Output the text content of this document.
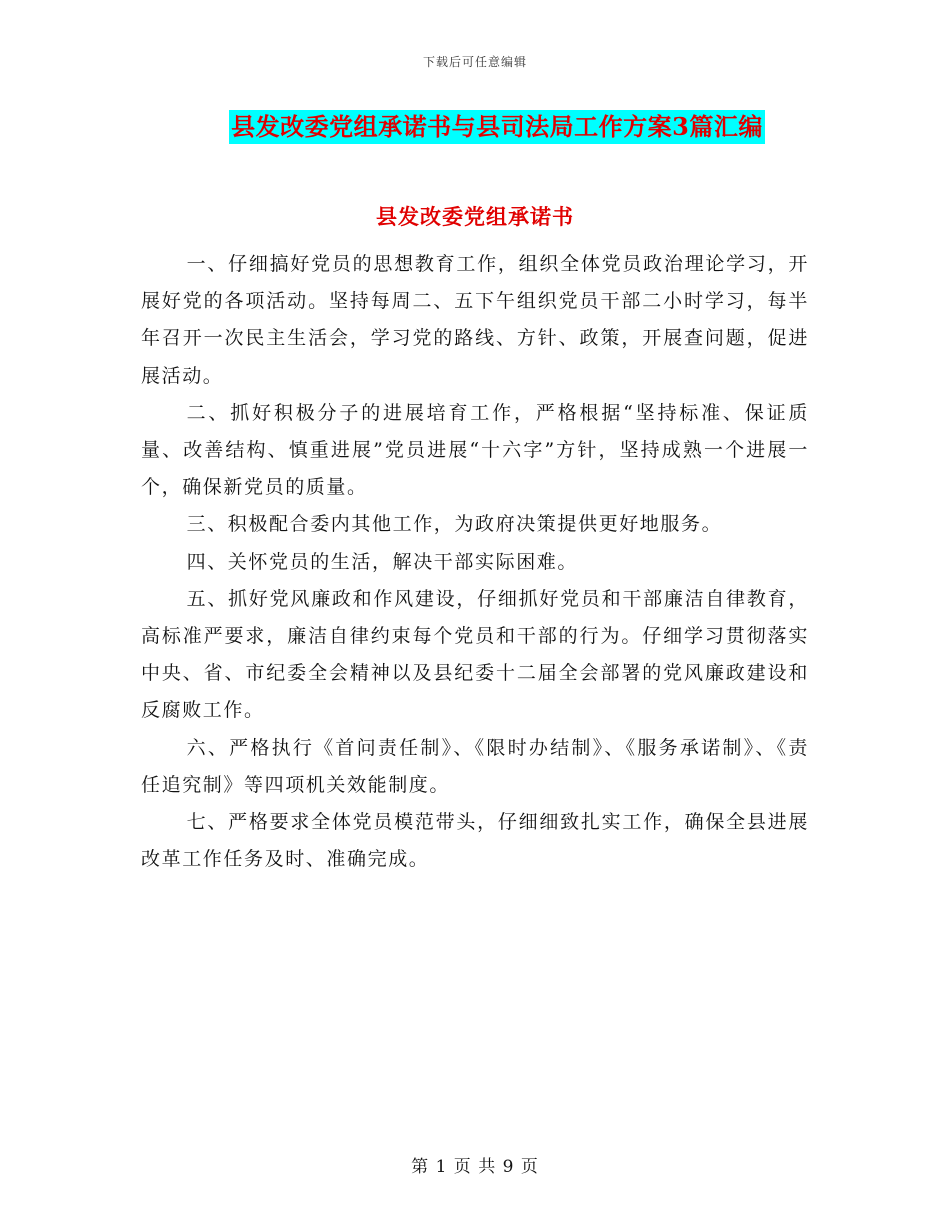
下载后可任意编辑
县发改委党组承诺书与县司法局工作方案3篇汇编
县发改委党组承诺书

一、仔细搞好党员的思想教育工作，组织全体党员政治理论学习，开展好党的各项活动。坚持每周二、五下午组织党员干部二小时学习，每半年召开一次民主生活会，学习党的路线、方针、政策，开展查问题，促进展活动。

二、抓好积极分子的进展培育工作，严格根据“坚持标准、保证质量、改善结构、慎重进展”党员进展“十六字”方针，坚持成熟一个进展一个，确保新党员的质量。

三、积极配合委内其他工作，为政府决策提供更好地服务。

四、关怀党员的生活，解决干部实际困难。

五、抓好党风廉政和作风建设，仔细抓好党员和干部廉洁自律教育，高标准严要求，廉洁自律约束每个党员和干部的行为。仔细学习贯彻落实中央、省、市纪委全会精神以及县纪委十二届全会部署的党风廉政建设和反腐败工作。

六、严格执行《首问责任制》、《限时办结制》、《服务承诺制》、《责任追究制》等四项机关效能制度。

七、严格要求全体党员模范带头，仔细细致扎实工作，确保全县进展改革工作任务及时、准确完成。

第 1 页 共 9 页
